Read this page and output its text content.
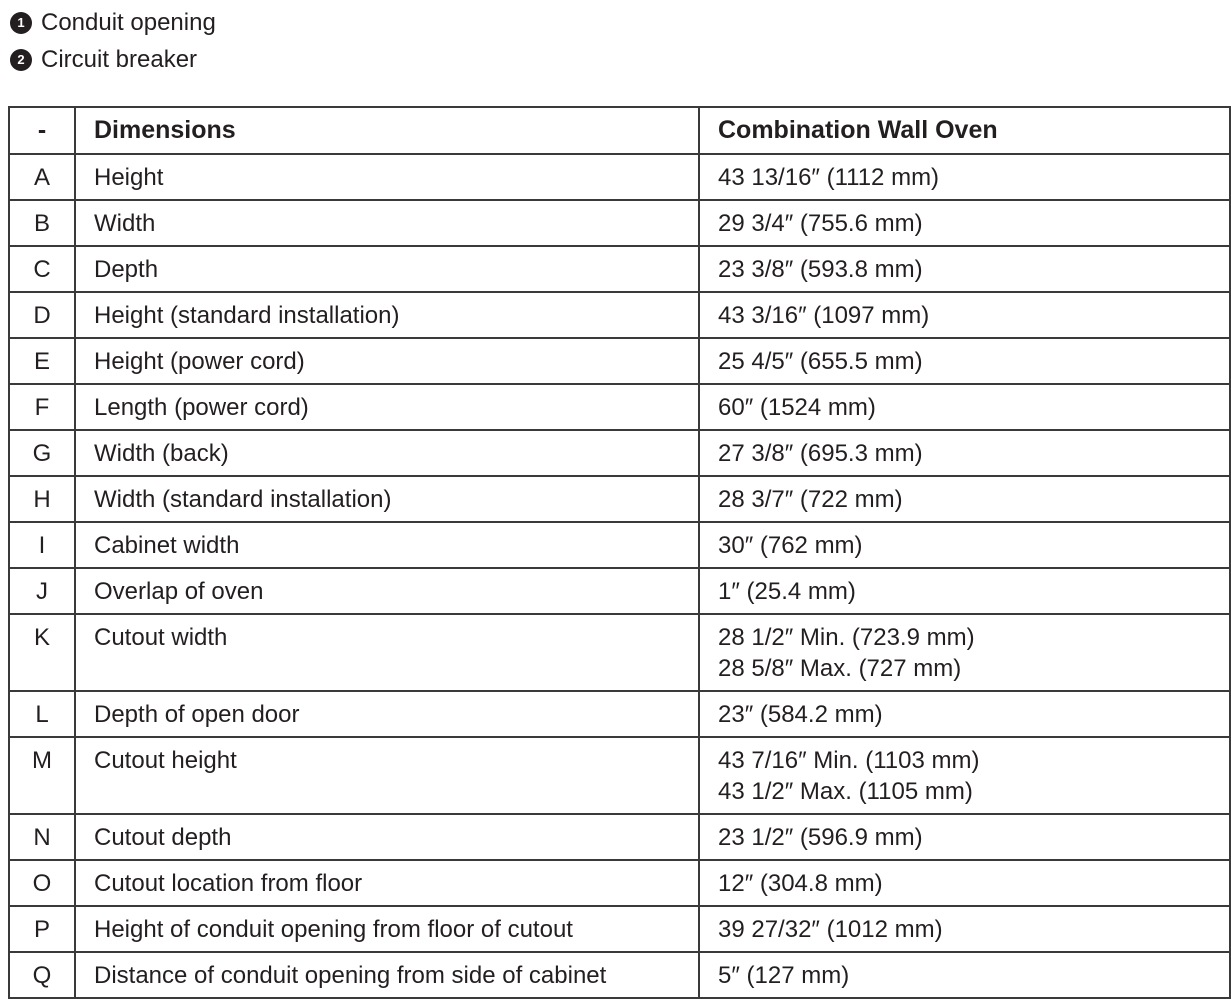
1 Conduit opening
2 Circuit breaker
-	Dimensions	Combination Wall Oven
A	Height	43 13/16″ (1112 mm)

B	Width	29 3/4″ (755.6 mm)

C	Depth	23 3/8″ (593.8 mm)

D	Height (standard installation)	43 3/16″ (1097 mm)

E	Height (power cord)	25 4/5″ (655.5 mm)

F	Length (power cord)	60″ (1524 mm)

G	Width (back)	27 3/8″ (695.3 mm)

H	Width (standard installation)	28 3/7″ (722 mm)

I	Cabinet width	30″ (762 mm)

J	Overlap of oven	1″ (25.4 mm)

K	Cutout width	28 1/2″ Min. (723.9 mm)
28 5/8″ Max. (727 mm)

L	Depth of open door	23″ (584.2 mm)

M	Cutout height	43 7/16″ Min. (1103 mm)
43 1/2″ Max. (1105 mm)

N	Cutout depth	23 1/2″ (596.9 mm)

O	Cutout location from floor	12″ (304.8 mm)

P	Height of conduit opening from floor of cutout	39 27/32″ (1012 mm)

Q	Distance of conduit opening from side of cabinet	5″ (127 mm)
